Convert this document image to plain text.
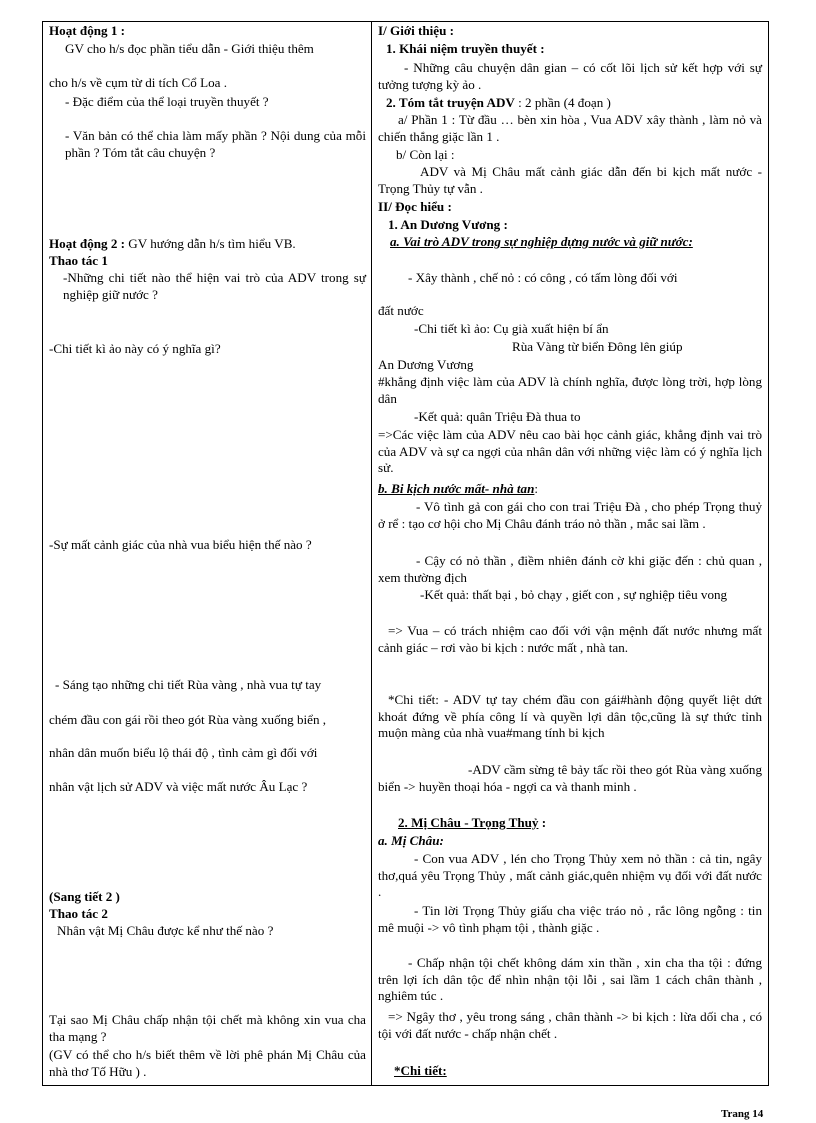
Hoạt động 1 :

GV cho h/s đọc phần tiểu dẫn - Giới thiệu thêm

cho h/s về cụm từ di tích Cổ Loa .

- Đặc điểm của thể loại truyền thuyết ?

- Văn bản có thể chia làm mấy phần ? Nội dung của mỗi phần ? Tóm tắt câu chuyện ?

Hoạt động 2 : GV hướng dẫn h/s tìm hiểu VB.

Thao tác 1

-Những chi tiết nào thể hiện vai trò của ADV trong sự nghiệp giữ nước ?

-Chi tiết kì ảo này có ý nghĩa gì?

-Sự mất cảnh giác của nhà vua biểu hiện thế nào ?

- Sáng tạo những chi tiết Rùa vàng , nhà vua tự tay

chém đầu con gái rồi theo gót Rùa vàng xuống biển ,

nhân dân muốn biểu lộ thái độ , tình cảm gì đối với

nhân vật lịch sử ADV và việc mất nước Âu Lạc ?

(Sang tiết 2 )

Thao tác 2

Nhân vật Mị Châu được kể như thế nào ?

Tại sao Mị Châu chấp nhận tội chết mà không xin vua cha tha mạng ?

(GV có thể cho h/s biết thêm về lời phê phán Mị Châu của nhà thơ Tố Hữu ) .

I/ Giới thiệu :

1. Khái niệm truyền thuyết :

- Những câu chuyện dân gian – có cốt lõi lịch sử kết hợp với sự tưởng tượng kỳ ảo .

2. Tóm tắt truyện ADV : 2 phần (4 đoạn )

a/ Phần 1 : Từ đầu … bèn xin hòa , Vua ADV xây thành , làm nỏ và chiến thắng giặc lần 1 .

b/ Còn lại :

ADV và Mị Châu mất cảnh giác dẫn đến bi kịch mất nước - Trọng Thủy tự vẫn .

II/ Đọc hiểu :

1. An Dương Vương :

a. Vai trò ADV trong sự nghiệp dựng nước và giữ nước:

- Xây thành , chế nỏ : có công , có tấm lòng đối với

đất nước

-Chi tiết kì ảo: Cụ già xuất hiện bí ẩn

Rùa Vàng từ biển Đông lên giúp

An Dương Vương

#khẳng định việc làm của ADV là chính nghĩa, được lòng trời, hợp lòng dân

-Kết quả: quân Triệu Đà thua to

=>Các việc làm của ADV nêu cao bài học cảnh giác, khẳng định vai trò của ADV và sự ca ngợi của nhân dân với những việc làm có ý nghĩa lịch sử.

b. Bi kịch nước mất- nhà tan:

- Vô tình gả con gái cho con trai Triệu Đà , cho phép Trọng thuỷ ở rể : tạo cơ hội cho Mị Châu đánh tráo nỏ thần , mắc sai lầm .

- Cậy có nỏ thần , điềm nhiên đánh cờ khi giặc đến : chủ quan , xem thường địch

-Kết quả: thất bại , bỏ chạy , giết con , sự nghiệp tiêu vong

=> Vua – có trách nhiệm cao đối với vận mệnh đất nước nhưng mất cảnh giác – rơi vào bi kịch : nước mất , nhà tan.

*Chi tiết: - ADV tự tay chém đầu con gái#hành động quyết liệt dứt khoát đứng về phía công lí và quyền lợi dân tộc,cũng là sự thức tỉnh muộn màng của nhà vua#mang tính bi kịch

-ADV cầm sừng tê bảy tấc rồi theo gót Rùa vàng xuống biển -> huyền thoại hóa - ngợi ca và thanh minh .

2. Mị Châu - Trọng Thuỷ :

a. Mị Châu:

- Con vua ADV , lén cho Trọng Thủy xem nỏ thần : cả tin, ngây thơ,quá yêu Trọng Thủy , mất cảnh giác,quên nhiệm vụ đối với đất nước .

- Tin lời Trọng Thủy giấu cha việc tráo nỏ , rắc lông ngỗng : tin mê muội -> vô tình phạm tội , thành giặc .

- Chấp nhận tội chết không dám xin thần , xin cha tha tội : đứng trên lợi ích dân tộc để nhìn nhận tội lỗi , sai lầm 1 cách chân thành , nghiêm túc .

=> Ngây thơ , yêu trong sáng , chân thành -> bi kịch : lừa dối cha , có tội với đất nước - chấp nhận chết .

*Chi tiết:

Trang 14
